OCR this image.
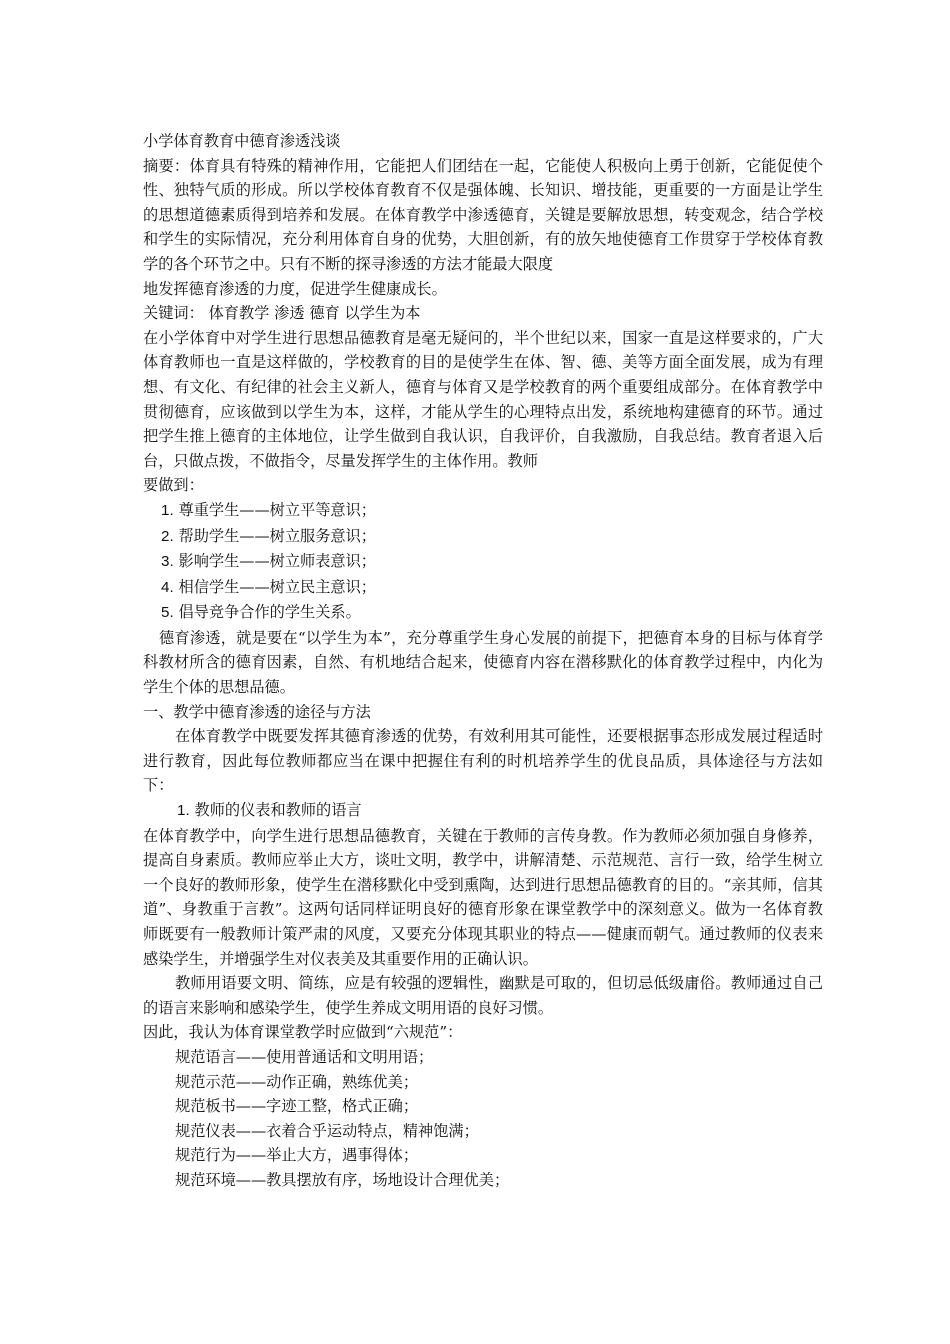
小学体育教育中德育渗透浅谈

摘要：体育具有特殊的精神作用，它能把人们团结在一起，它能使人积极向上勇于创新，它能促使个性、独特气质的形成。所以学校体育教育不仅是强体魄、长知识、增技能，更重要的一方面是让学生的思想道德素质得到培养和发展。在体育教学中渗透德育，关键是要解放思想，转变观念，结合学校和学生的实际情况，充分利用体育自身的优势，大胆创新，有的放矢地使德育工作贯穿于学校体育教学的各个环节之中。只有不断的探寻渗透的方法才能最大限度

地发挥德育渗透的力度，促进学生健康成长。

关键词： 体育教学 渗透 德育 以学生为本

在小学体育中对学生进行思想品德教育是毫无疑问的，半个世纪以来，国家一直是这样要求的，广大体育教师也一直是这样做的，学校教育的目的是使学生在体、智、德、美等方面全面发展，成为有理想、有文化、有纪律的社会主义新人，德育与体育又是学校教育的两个重要组成部分。在体育教学中贯彻德育，应该做到以学生为本，这样，才能从学生的心理特点出发，系统地构建德育的环节。通过把学生推上德育的主体地位，让学生做到自我认识，自我评价，自我激励，自我总结。教育者退入后台，只做点拨，不做指令，尽量发挥学生的主体作用。教师

要做到：

1. 尊重学生——树立平等意识；

2. 帮助学生——树立服务意识；

3. 影响学生——树立师表意识；

4. 相信学生——树立民主意识；

5. 倡导竞争合作的学生关系。

德育渗透，就是要在“以学生为本”，充分尊重学生身心发展的前提下，把德育本身的目标与体育学科教材所含的德育因素，自然、有机地结合起来，使德育内容在潜移默化的体育教学过程中，内化为学生个体的思想品德。

一、教学中德育渗透的途径与方法

在体育教学中既要发挥其德育渗透的优势，有效利用其可能性，还要根据事态形成发展过程适时进行教育，因此每位教师都应当在课中把握住有利的时机培养学生的优良品质，具体途径与方法如下：

1. 教师的仪表和教师的语言

在体育教学中，向学生进行思想品德教育，关键在于教师的言传身教。作为教师必须加强自身修养，提高自身素质。教师应举止大方，谈吐文明，教学中，讲解清楚、示范规范、言行一致，给学生树立一个良好的教师形象，使学生在潜移默化中受到熏陶，达到进行思想品德教育的目的。“亲其师，信其道”、身教重于言教”。这两句话同样证明良好的德育形象在课堂教学中的深刻意义。做为一名体育教师既要有一般教师计策严肃的风度，又要充分体现其职业的特点——健康而朝气。通过教师的仪表来感染学生，并增强学生对仪表美及其重要作用的正确认识。

教师用语要文明、简练，应是有较强的逻辑性，幽默是可取的，但切忌低级庸俗。教师通过自己的语言来影响和感染学生，使学生养成文明用语的良好习惯。

因此，我认为体育课堂教学时应做到“六规范”：

规范语言——使用普通话和文明用语；

规范示范——动作正确，熟练优美；

规范板书——字迹工整，格式正确；

规范仪表——衣着合乎运动特点，精神饱满；

规范行为——举止大方，遇事得体；

规范环境——教具摆放有序，场地设计合理优美；
